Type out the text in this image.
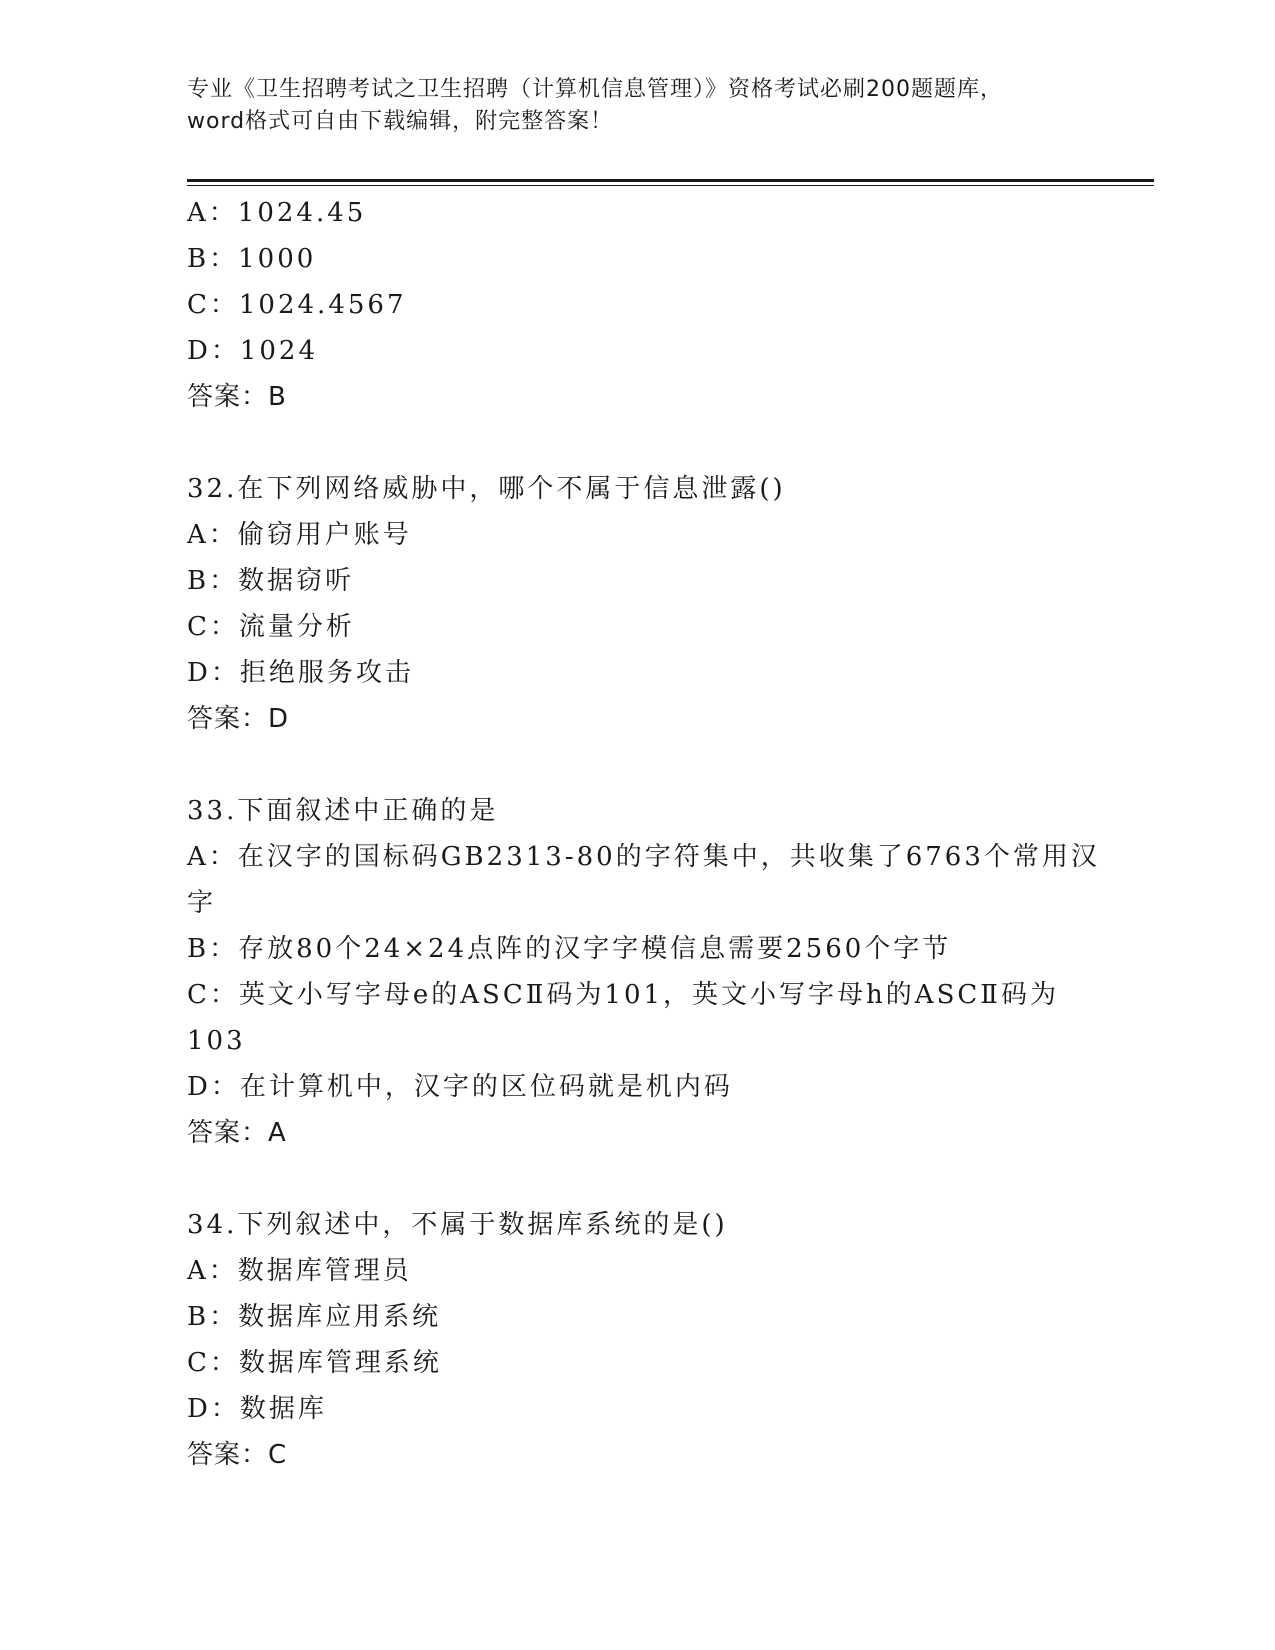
专业《卫生招聘考试之卫生招聘（计算机信息管理）》资格考试必刷200题题库，
word格式可自由下载编辑，附完整答案！
A：1024.45
B：1000
C：1024.4567
D：1024
答案：B
32.在下列网络威胁中，哪个不属于信息泄露()
A：偷窃用户账号
B：数据窃听
C：流量分析
D：拒绝服务攻击
答案：D
33.下面叙述中正确的是
A：在汉字的国标码GB2313-80的字符集中，共收集了6763个常用汉
字
B：存放80个24×24点阵的汉字字模信息需要2560个字节
C：英文小写字母e的ASCⅡ码为101，英文小写字母h的ASCⅡ码为
103
D：在计算机中，汉字的区位码就是机内码
答案：A
34.下列叙述中，不属于数据库系统的是()
A：数据库管理员
B：数据库应用系统
C：数据库管理系统
D：数据库
答案：C
